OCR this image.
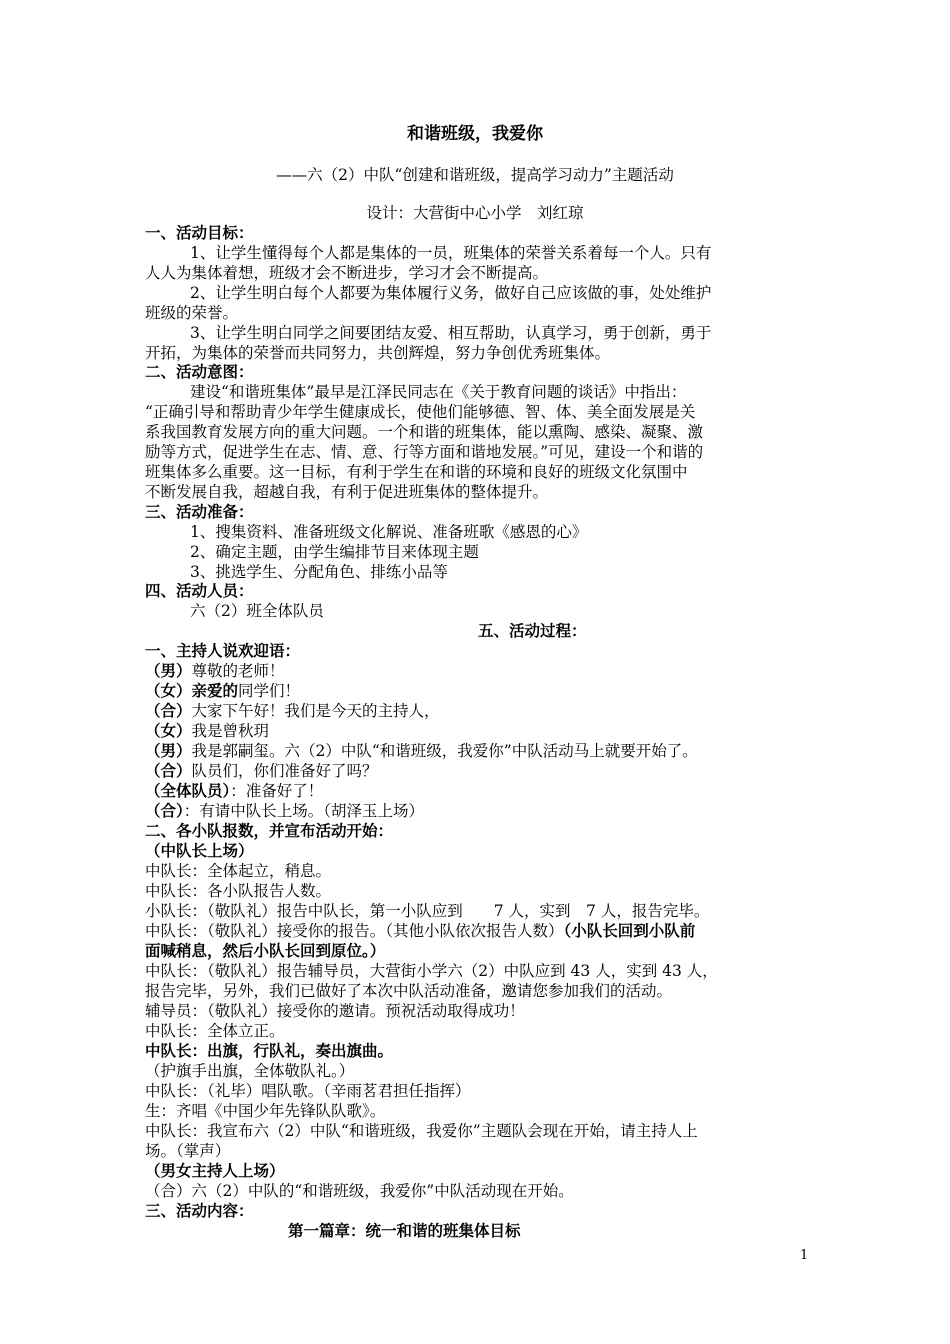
和谐班级，我爱你
——六（2）中队“创建和谐班级，提高学习动力”主题活动
设计：大营街中心小学　刘红琼
一、活动目标：
1、让学生懂得每个人都是集体的一员，班集体的荣誉关系着每一个人。只有
人人为集体着想，班级才会不断进步，学习才会不断提高。
2、让学生明白每个人都要为集体履行义务，做好自己应该做的事，处处维护
班级的荣誉。
3、让学生明白同学之间要团结友爱、相互帮助，认真学习，勇于创新，勇于
开拓，为集体的荣誉而共同努力，共创辉煌，努力争创优秀班集体。
二、活动意图：
建设“和谐班集体”最早是江泽民同志在《关于教育问题的谈话》中指出：
“正确引导和帮助青少年学生健康成长，使他们能够德、智、体、美全面发展是关
系我国教育发展方向的重大问题。一个和谐的班集体，能以熏陶、感染、凝聚、激
励等方式，促进学生在志、情、意、行等方面和谐地发展。”可见，建设一个和谐的
班集体多么重要。这一目标，有利于学生在和谐的环境和良好的班级文化氛围中
不断发展自我，超越自我，有利于促进班集体的整体提升。
三、活动准备：
1、搜集资料、准备班级文化解说、准备班歌《感恩的心》
2、确定主题，由学生编排节目来体现主题
3、挑选学生、分配角色、排练小品等
四、活动人员：
六（2）班全体队员
五、活动过程：
一、主持人说欢迎语：
（男）尊敬的老师！
（女）亲爱的同学们！
（合）大家下午好！我们是今天的主持人，
（女）我是曾秋玥
（男）我是郭嗣玺。六（2）中队“和谐班级，我爱你”中队活动马上就要开始了。
（合）队员们，你们准备好了吗？
（全体队员）：准备好了！
（合）：有请中队长上场。（胡泽玉上场）
二、各小队报数，并宣布活动开始：
（中队长上场）
中队长：全体起立，稍息。
中队长：各小队报告人数。
小队长：（敬队礼）报告中队长，第一小队应到　　7 人，实到　7 人，报告完毕。
中队长：（敬队礼）接受你的报告。（其他小队依次报告人数）（小队长回到小队前
面喊稍息，然后小队长回到原位。）
中队长：（敬队礼）报告辅导员，大营街小学六（2）中队应到 43 人，实到 43 人，
报告完毕，另外，我们已做好了本次中队活动准备，邀请您参加我们的活动。
辅导员：（敬队礼）接受你的邀请。预祝活动取得成功！
中队长：全体立正。
中队长：出旗，行队礼，奏出旗曲。
（护旗手出旗，全体敬队礼。）
中队长：（礼毕）唱队歌。（辛雨茗君担任指挥）
生：齐唱《中国少年先锋队队歌》。
中队长：我宣布六（2）中队“和谐班级，我爱你”主题队会现在开始，请主持人上
场。（掌声）
（男女主持人上场）
（合）六（2）中队的“和谐班级，我爱你”中队活动现在开始。
三、活动内容：
第一篇章：统一和谐的班集体目标
1
